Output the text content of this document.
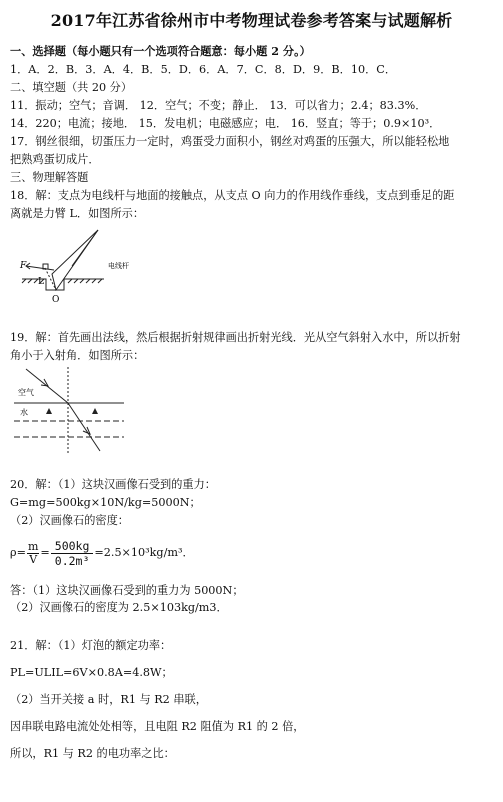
2017年江苏省徐州市中考物理试卷参考答案与试题解析
一、选择题（每小题只有一个选项符合题意：每小题 2 分。）
1．A．2．B．3．A．4．B．5．D．6．A．7．C．8．D．9．B．10．C．
二、填空题（共 20 分）
11．振动；空气；音调． 12．空气；不变；静止． 13．可以省力；2.4；83.3%．
14．220；电流；接地． 15．发电机；电磁感应；电． 16．竖直；等于；0.9×10³．
17．钢丝很细，切蛋压力一定时，鸡蛋受力面积小，钢丝对鸡蛋的压强大，所以能轻松地
把熟鸡蛋切成片．
三、物理解答题
18．解：支点为电线杆与地面的接触点，从支点 O 向力的作用线作垂线，支点到垂足的距
离就是力臂 L．如图所示：
F
L
O
电线杆
19．解：首先画出法线，然后根据折射规律画出折射光线．光从空气斜射入水中，所以折射
角小于入射角．如图所示：
空气
水
20．解：（1）这块汉画像石受到的重力：
G=mg=500kg×10N/kg=5000N；
（2）汉画像石的密度：
$\rho= \frac{m}{V} = \frac{500kg}{\text{0.2m³}} =2.5\times 10^3kg/m^3$．
答：（1）这块汉画像石受到的重力为 5000N；
（2）汉画像石的密度为 2.5×103kg/m3．
21．解：（1）灯泡的额定功率：
PL=ULIL=6V×0.8A=4.8W；
（2）当开关接 a 时，R1 与 R2 串联，
因串联电路电流处处相等，且电阻 R2 阻值为 R1 的 2 倍，
所以，R1 与 R2 的电功率之比：
